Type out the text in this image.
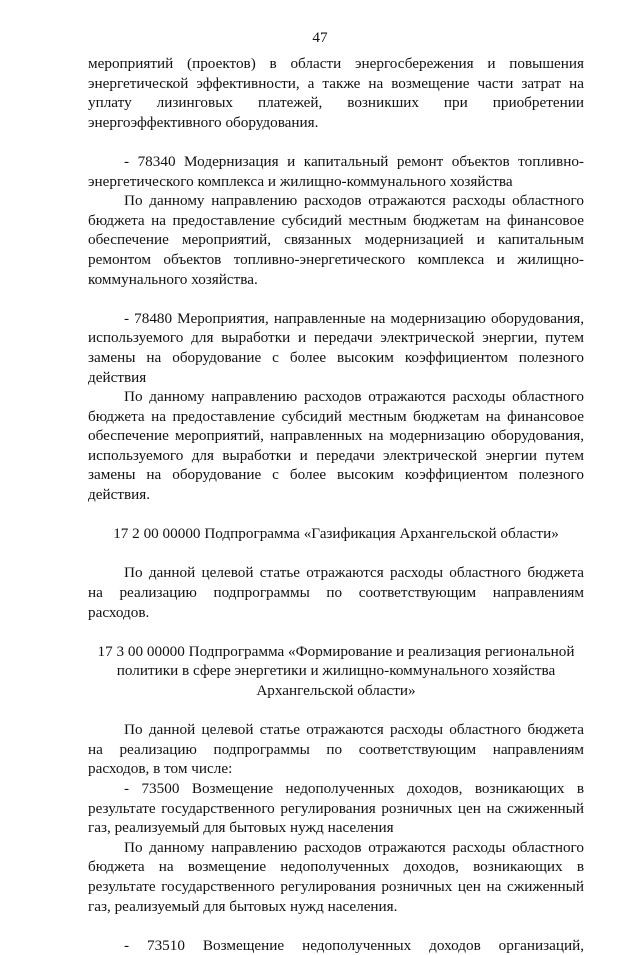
47

мероприятий (проектов) в области энергосбережения и повышения энергетической эффективности, а также на возмещение части затрат на уплату лизинговых платежей, возникших при приобретении энергоэффективного оборудования.

- 78340 Модернизация и капитальный ремонт объектов топливно-энергетического комплекса и жилищно-коммунального хозяйства

По данному направлению расходов отражаются расходы областного бюджета на предоставление субсидий местным бюджетам на финансовое обеспечение мероприятий, связанных модернизацией и капитальным ремонтом объектов топливно-энергетического комплекса и жилищно-коммунального хозяйства.

- 78480 Мероприятия, направленные на модернизацию оборудования, используемого для выработки и передачи электрической энергии, путем замены на оборудование с более высоким коэффициентом полезного действия

По данному направлению расходов отражаются расходы областного бюджета на предоставление субсидий местным бюджетам на финансовое обеспечение мероприятий, направленных на модернизацию оборудования, используемого для выработки и передачи электрической энергии путем замены на оборудование с более высоким коэффициентом полезного действия.

17 2 00 00000 Подпрограмма «Газификация Архангельской области»

По данной целевой статье отражаются расходы областного бюджета на реализацию подпрограммы по соответствующим направлениям расходов.

17 3 00 00000 Подпрограмма «Формирование и реализация региональной политики в сфере энергетики и жилищно-коммунального хозяйства Архангельской области»

По данной целевой статье отражаются расходы областного бюджета на реализацию подпрограммы по соответствующим направлениям расходов, в том числе:

- 73500 Возмещение недополученных доходов, возникающих в результате государственного регулирования розничных цен на сжиженный газ, реализуемый для бытовых нужд населения

По данному направлению расходов отражаются расходы областного бюджета на возмещение недополученных доходов, возникающих в результате государственного регулирования розничных цен на сжиженный газ, реализуемый для бытовых нужд населения.

- 73510 Возмещение недополученных доходов организаций,
